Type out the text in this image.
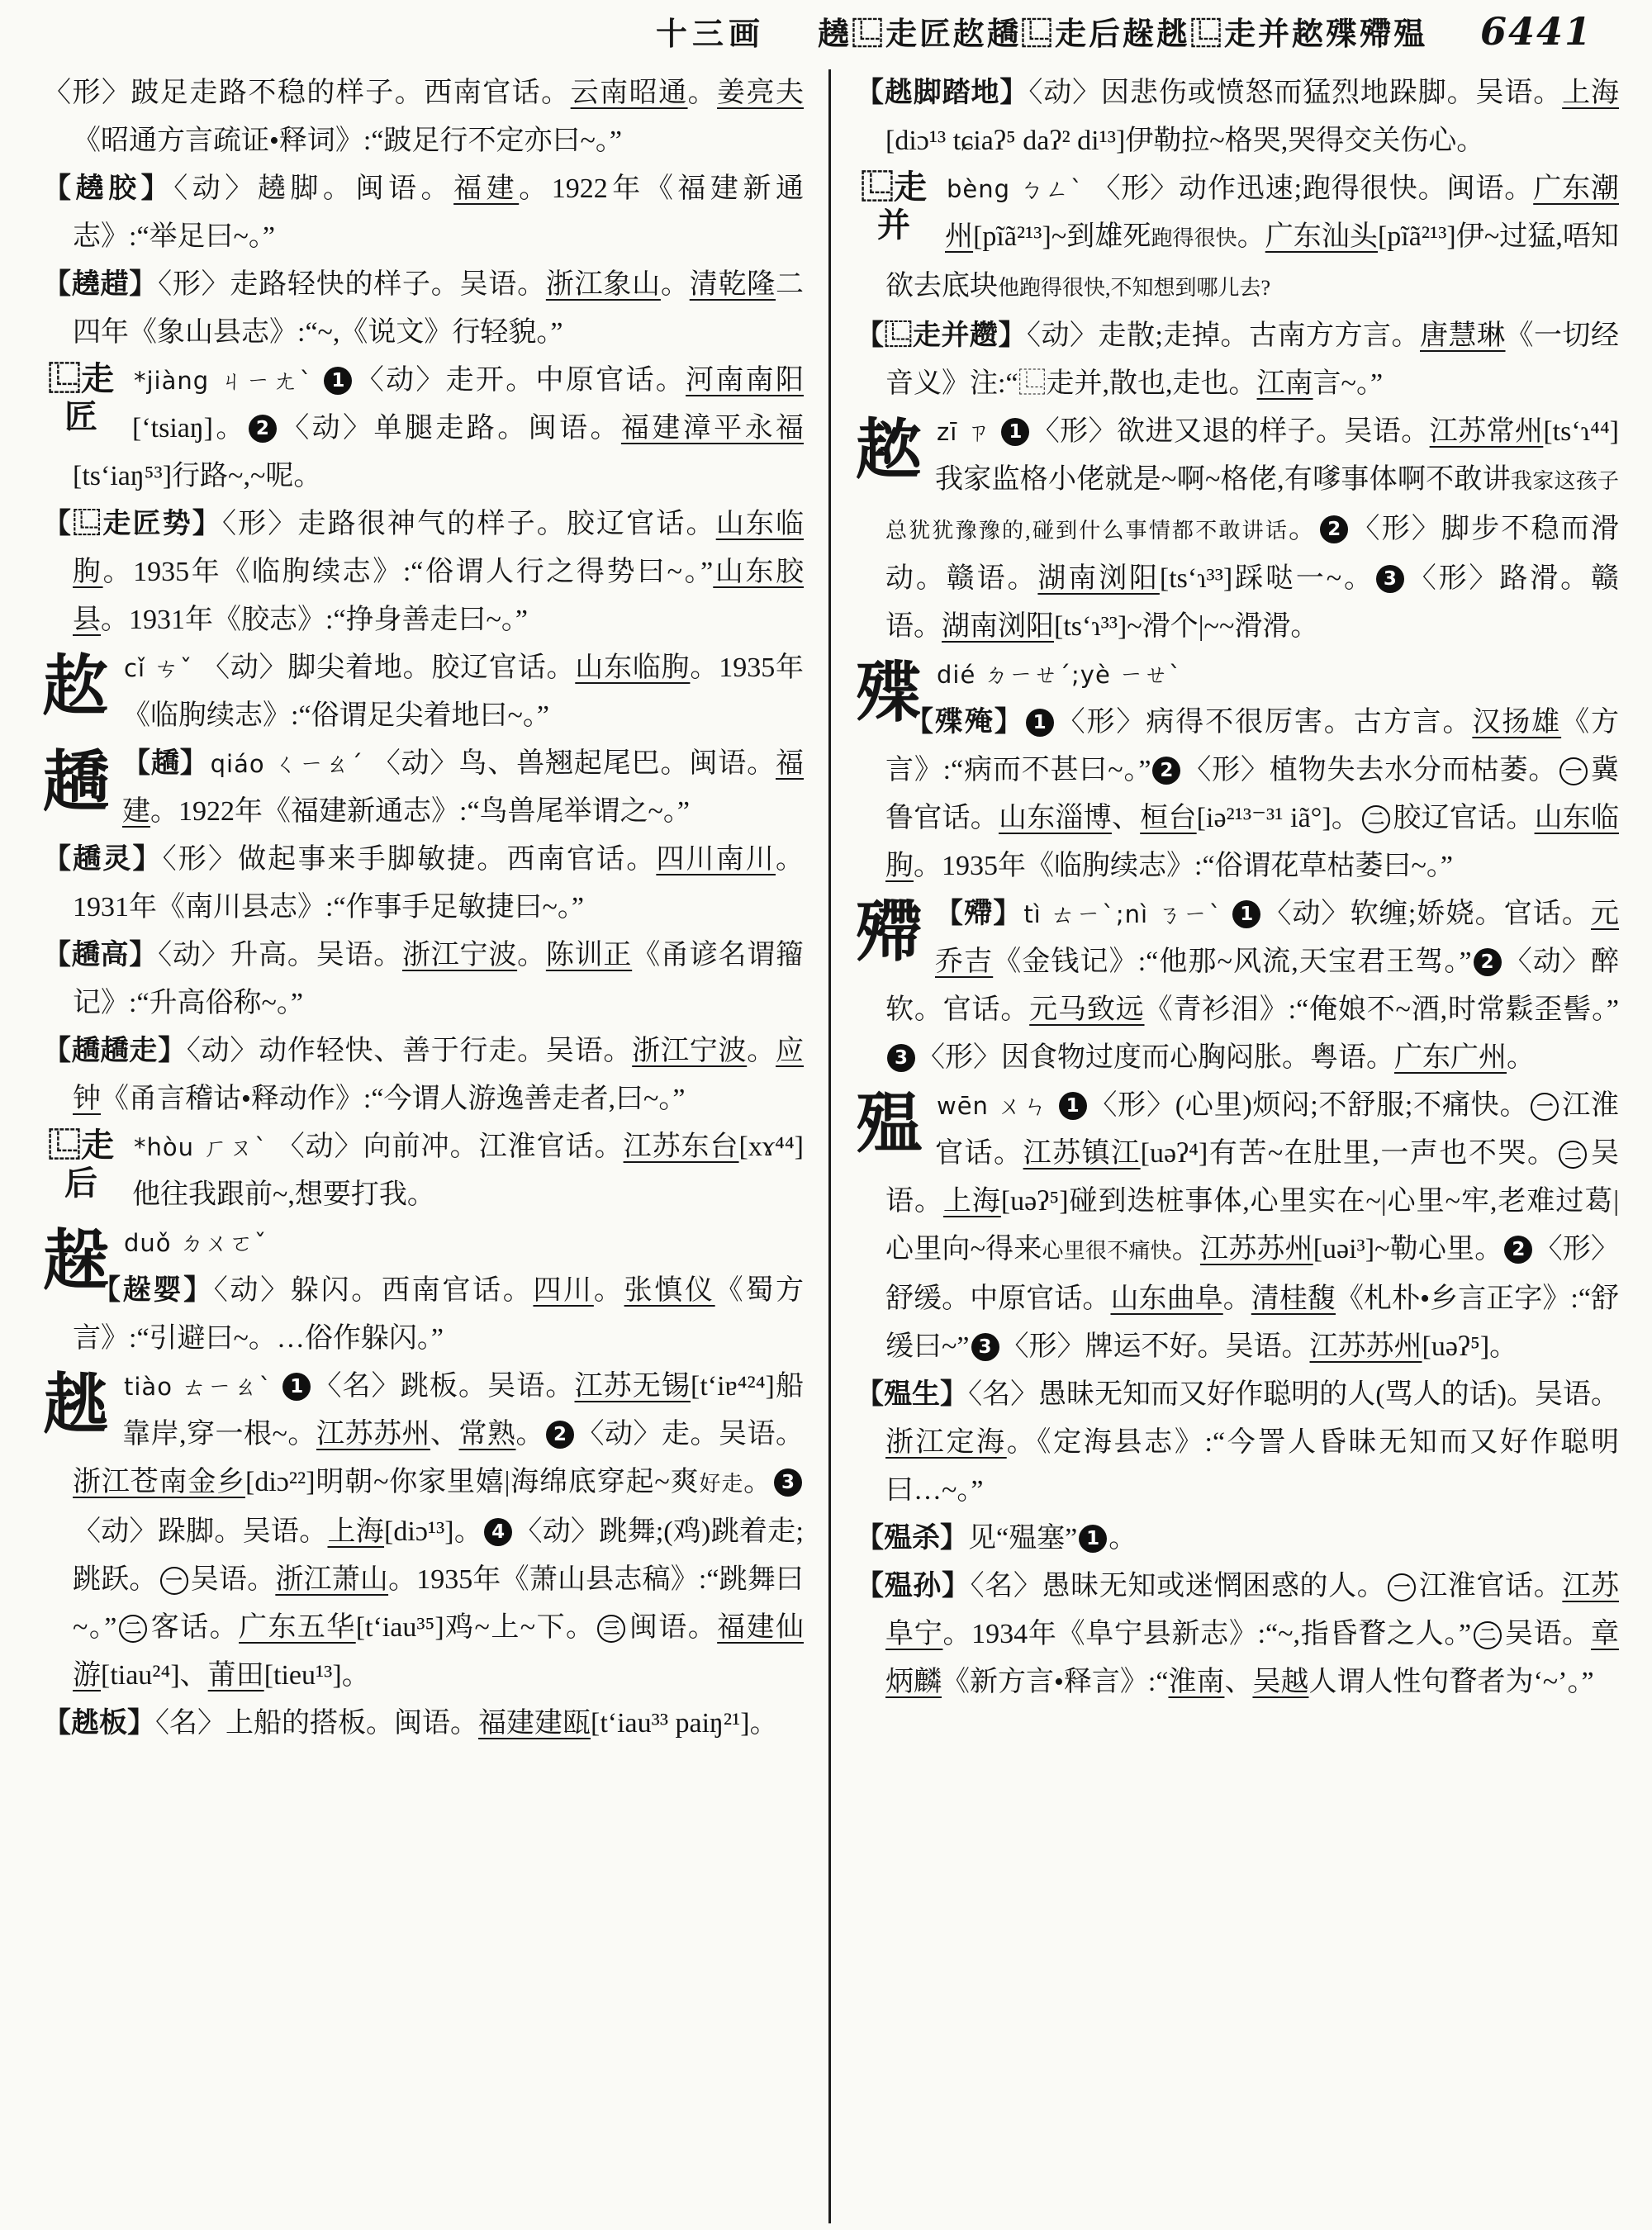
十三画 趬⿺走匠赼趫⿺走后趓趒⿺走并趑殜殢殟 6441

〈形〉跛足走路不稳的样子。西南官话。云南昭通。姜亮夫《昭通方言疏证•释词》:“跛足行不定亦曰~。”

【趬胶】〈动〉趬脚。闽语。福建。1922年《福建新通志》:“举足曰~。”

【趬趞】〈形〉走路轻快的样子。吴语。浙江象山。清乾隆二四年《象山县志》:“~,《说文》行轻貌。”

⿺走匠
*jiàng ㄐㄧㄤˋ 1 〈动〉走开。中原官话。河南南阳[ʻtsiaŋ]。 2 〈动〉单腿走路。闽语。福建漳平永福[tsʻiaŋ⁵³]行路~,~呢。

【⿺走匠势】〈形〉走路很神气的样子。胶辽官话。山东临朐。1935年《临朐续志》:“俗谓人行之得势曰~。”山东胶县。1931年《胶志》:“挣身善走曰~。”

赼cǐ ㄘˇ 〈动〉脚尖着地。胶辽官话。山东临朐。1935年《临朐续志》:“俗谓足尖着地曰~。”

趫 【趫】qiáo ㄑㄧㄠˊ 〈动〉鸟、兽翘起尾巴。闽语。福建。1922年《福建新通志》:“鸟兽尾举谓之~。”

【趫灵】〈形〉做起事来手脚敏捷。西南官话。四川南川。1931年《南川县志》:“作事手足敏捷曰~。”

【趫高】〈动〉升高。吴语。浙江宁波。陈训正《甬谚名谓籀记》:“升高俗称~。”

【趫趫走】〈动〉动作轻快、善于行走。吴语。浙江宁波。应钟《甬言稽诂•释动作》:“今谓人游逸善走者,曰~。”

⿺走后
*hòu ㄏㄡˋ 〈动〉向前冲。江淮官话。江苏东台[xɤ⁴⁴]他往我跟前~,想要打我。

趓duǒ ㄉㄨㄛˇ

【趓婴】〈动〉躲闪。西南官话。四川。张慎仪《蜀方言》:“引避曰~。…俗作躲闪。”

趒tiào ㄊㄧㄠˋ 1 〈名〉跳板。吴语。江苏无锡[tʻiɐ⁴²⁴]船靠岸,穿一根~。江苏苏州、常熟。 2 〈动〉走。吴语。浙江苍南金乡[diɔ²²]明朝~你家里嬉|海绵底穿起~爽好走。 3〈动〉跺脚。吴语。上海[diɔ¹³]。 4 〈动〉跳舞;(鸡)跳着走;跳跃。 一 吴语。浙江萧山。1935年《萧山县志稿》:“跳舞曰~。” 二 客话。广东五华[tʻiau³⁵]鸡~上~下。 三 闽语。福建仙游[tiau²⁴]、莆田[tieu¹³]。

【趒板】〈名〉上船的搭板。闽语。福建建瓯[tʻiau³³ paiŋ²¹]。

【趒脚踏地】〈动〉因悲伤或愤怒而猛烈地跺脚。吴语。上海[diɔ¹³ tɕiaʔ⁵ daʔ² di¹³]伊勒拉~格哭,哭得交关伤心。

⿺走并
bèng ㄅㄥˋ 〈形〉动作迅速;跑得很快。闽语。广东潮州[pĩã²¹³]~到雄死跑得很快。广东汕头[pĩã²¹³]伊~过猛,唔知欲去底块他跑得很快,不知想到哪儿去?

【⿺走并趱】〈动〉走散;走掉。古南方方言。唐慧琳《一切经音义》注:“⿺走并,散也,走也。江南言~。”

趑zī ㄗ 1 〈形〉欲进又退的样子。吴语。江苏常州[tsʻɿ⁴⁴]我家监格小佬就是~啊~格佬,有嗲事体啊不敢讲我家这孩子总犹犹豫豫的,碰到什么事情都不敢讲话。 2 〈形〉脚步不稳而滑动。赣语。湖南浏阳[tsʻɿ³³]踩哒一~。 3 〈形〉路滑。赣语。湖南浏阳[tsʻɿ³³]~滑个|~~滑滑。

殜dié ㄉㄧㄝˊ;yè ㄧㄝˋ

【殜殗】 1 〈形〉病得不很厉害。古方言。汉扬雄《方言》:“病而不甚曰~。” 2 〈形〉植物失去水分而枯萎。 一 冀鲁官话。山东淄博、桓台[iə²¹³⁻³¹ iã°]。 二 胶辽官话。山东临朐。1935年《临朐续志》:“俗谓花草枯萎曰~。”

殢 【殢】tì ㄊㄧˋ;nì ㄋㄧˋ 1 〈动〉软缠;娇娆。官话。元乔吉《金钱记》:“他那~风流,天宝君王驾。” 2 〈动〉醉软。官话。元马致远《青衫泪》:“俺娘不~酒,时常鬏歪髻。”3 〈形〉因食物过度而心胸闷胀。粤语。广东广州。

殟wēn ㄨㄣ 1 〈形〉(心里)烦闷;不舒服;不痛快。 一 江淮官话。江苏镇江[uəʔ⁴]有苦~在肚里,一声也不哭。 二 吴语。上海[uəʔ⁵]碰到迭桩事体,心里实在~|心里~牢,老难过葛|心里向~得来心里很不痛快。江苏苏州[uəi³]~勒心里。 2 〈形〉舒缓。中原官话。山东曲阜。清桂馥《札朴•乡言正字》:“舒缓曰~” 3 〈形〉牌运不好。吴语。江苏苏州[uəʔ⁵]。

【殟生】〈名〉愚昧无知而又好作聪明的人(骂人的话)。吴语。浙江定海。《定海县志》:“今詈人昏昧无知而又好作聪明曰…~。”

【殟杀】见“殟塞” 1 。

【殟孙】〈名〉愚昧无知或迷惘困惑的人。 一 江淮官话。江苏阜宁。1934年《阜宁县新志》:“~,指昏瞀之人。” 二 吴语。章炳麟《新方言•释言》:“淮南、吴越人谓人性句瞀者为‘~’。”
